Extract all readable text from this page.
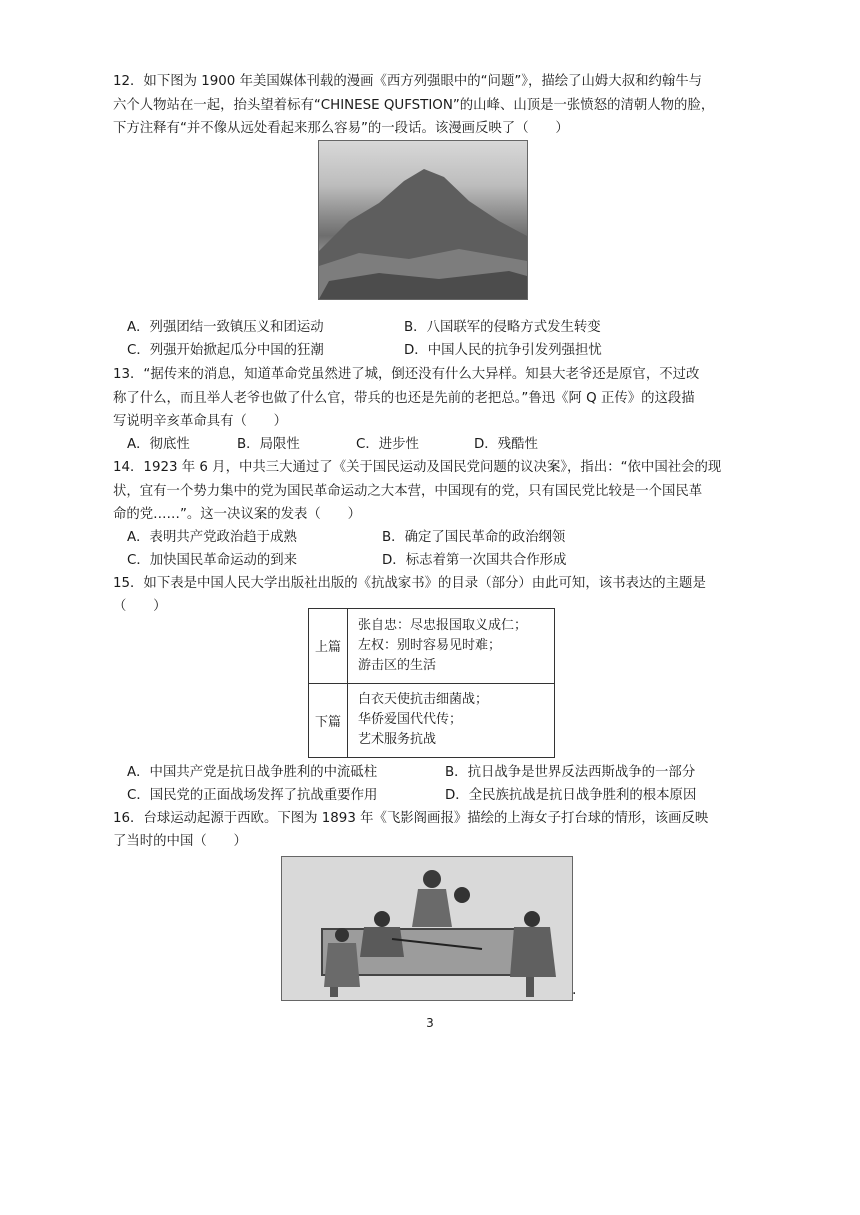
12．如下图为 1900 年美国媒体刊载的漫画《西方列强眼中的“问题”》，描绘了山姆大叔和约翰牛与
六个人物站在一起，抬头望着标有“CHINESE QUFSTION”的山峰、山顶是一张愤怒的清朝人物的脸，
下方注释有“并不像从远处看起来那么容易”的一段话。该漫画反映了（　　）
A．列强团结一致镇压义和团运动	B．八国联军的侵略方式发生转变
C．列强开始掀起瓜分中国的狂潮	D．中国人民的抗争引发列强担忧
13．“据传来的消息，知道革命党虽然进了城，倒还没有什么大异样。知县大老爷还是原官，不过改
称了什么，而且举人老爷也做了什么官，带兵的也还是先前的老把总。”鲁迅《阿 Q 正传》的这段描
写说明辛亥革命具有（　　）
A．彻底性	B．局限性	C．进步性	D．残酷性
14．1923 年 6 月，中共三大通过了《关于国民运动及国民党问题的议决案》，指出：“依中国社会的现
状，宜有一个势力集中的党为国民革命运动之大本营，中国现有的党，只有国民党比较是一个国民革
命的党……”。这一决议案的发表（　　）
A．表明共产党政治趋于成熟	B．确定了国民革命的政治纲领
C．加快国民革命运动的到来	D．标志着第一次国共合作形成
15．如下表是中国人民大学出版社出版的《抗战家书》的目录（部分）由此可知，该书表达的主题是
（　　）
上篇	张自忠：尽忠报国取义成仁；
左权：别时容易见时难；
游击区的生活

下篇	白衣天使抗击细菌战；
华侨爱国代代传；
艺术服务抗战
A．中国共产党是抗日战争胜利的中流砥柱	B．抗日战争是世界反法西斯战争的一部分
C．国民党的正面战场发挥了抗战重要作用	D．全民族抗战是抗日战争胜利的根本原因
16．台球运动起源于西欧。下图为 1893 年《飞影阁画报》描绘的上海女子打台球的情形，该画反映
了当时的中国（　　）
.
3
